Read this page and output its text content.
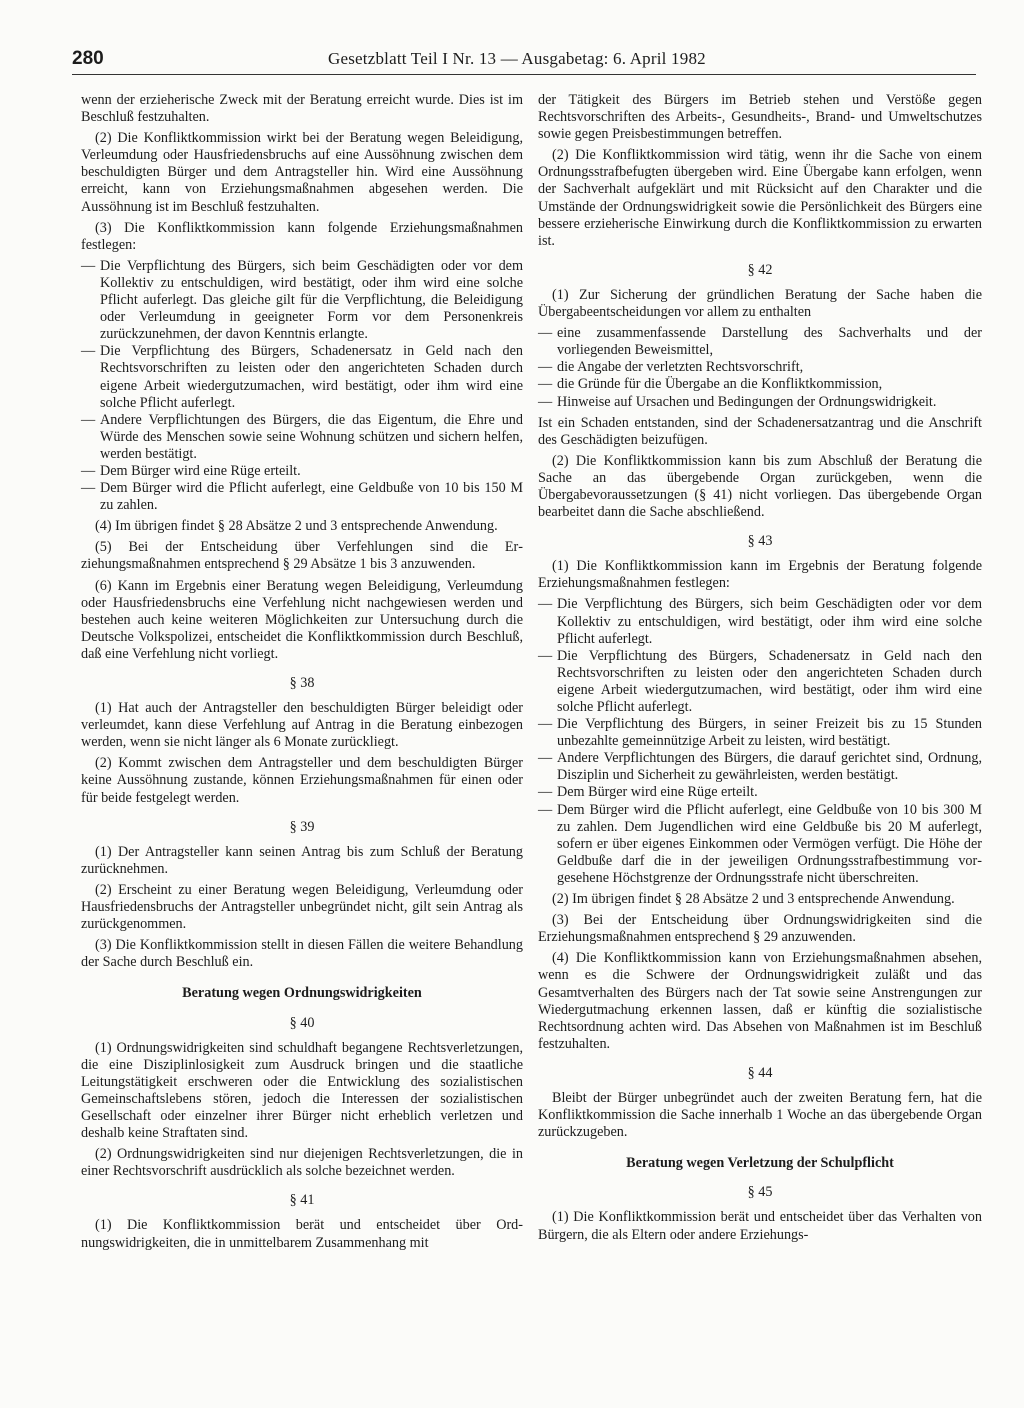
280	Gesetzblatt Teil I Nr. 13 — Ausgabetag: 6. April 1982
wenn der erzieherische Zweck mit der Beratung erreicht wurde. Dies ist im Beschluß festzuhalten.
(2) Die Konfliktkommission wirkt bei der Beratung wegen Beleidigung, Verleumdung oder Hausfriedensbruchs auf eine Aussöhnung zwischen dem beschuldigten Bürger und dem Antragsteller hin. Wird eine Aussöhnung erreicht, kann von Erziehungsmaßnahmen abgesehen werden. Die Aussöhnung ist im Beschluß festzuhalten.
(3) Die Konfliktkommission kann folgende Erziehungsmaßnahmen festlegen:
— Die Verpflichtung des Bürgers, sich beim Geschädigten oder vor dem Kollektiv zu entschuldigen, wird bestätigt, oder ihm wird eine solche Pflicht auferlegt. Das gleiche gilt für die Verpflichtung, die Beleidigung oder Verleumdung in geeigneter Form vor dem Personenkreis zurückzunehmen, der davon Kenntnis erlangte.
— Die Verpflichtung des Bürgers, Schadenersatz in Geld nach den Rechtsvorschriften zu leisten oder den angerichteten Schaden durch eigene Arbeit wiedergutzumachen, wird bestätigt, oder ihm wird eine solche Pflicht auferlegt.
— Andere Verpflichtungen des Bürgers, die das Eigentum, die Ehre und Würde des Menschen sowie seine Wohnung schützen und sichern helfen, werden bestätigt.
— Dem Bürger wird eine Rüge erteilt.
— Dem Bürger wird die Pflicht auferlegt, eine Geldbuße von 10 bis 150 M zu zahlen.
(4) Im übrigen findet § 28 Absätze 2 und 3 entsprechende Anwendung.
(5) Bei der Entscheidung über Verfehlungen sind die Erziehungsmaßnahmen entsprechend § 29 Absätze 1 bis 3 anzuwenden.
(6) Kann im Ergebnis einer Beratung wegen Beleidigung, Verleumdung oder Hausfriedensbruchs eine Verfehlung nicht nachgewiesen werden und bestehen auch keine weiteren Möglichkeiten zur Untersuchung durch die Deutsche Volkspolizei, entscheidet die Konfliktkommission durch Beschluß, daß eine Verfehlung nicht vorliegt.
§ 38
(1) Hat auch der Antragsteller den beschuldigten Bürger beleidigt oder verleumdet, kann diese Verfehlung auf Antrag in die Beratung einbezogen werden, wenn sie nicht länger als 6 Monate zurückliegt.
(2) Kommt zwischen dem Antragsteller und dem beschuldigten Bürger keine Aussöhnung zustande, können Erziehungsmaßnahmen für einen oder für beide festgelegt werden.
§ 39
(1) Der Antragsteller kann seinen Antrag bis zum Schluß der Beratung zurücknehmen.
(2) Erscheint zu einer Beratung wegen Beleidigung, Verleumdung oder Hausfriedensbruchs der Antragsteller unbegründet nicht, gilt sein Antrag als zurückgenommen.
(3) Die Konfliktkommission stellt in diesen Fällen die weitere Behandlung der Sache durch Beschluß ein.
Beratung wegen Ordnungswidrigkeiten
§ 40
(1) Ordnungswidrigkeiten sind schuldhaft begangene Rechtsverletzungen, die eine Disziplinlosigkeit zum Ausdruck bringen und die staatliche Leitungstätigkeit erschweren oder die Entwicklung des sozialistischen Gemeinschaftslebens stören, jedoch die Interessen der sozialistischen Gesellschaft oder einzelner ihrer Bürger nicht erheblich verletzen und deshalb keine Straftaten sind.
(2) Ordnungswidrigkeiten sind nur diejenigen Rechtsverletzungen, die in einer Rechtsvorschrift ausdrücklich als solche bezeichnet werden.
§ 41
(1) Die Konfliktkommission berät und entscheidet über Ordnungswidrigkeiten, die in unmittelbarem Zusammenhang mit
der Tätigkeit des Bürgers im Betrieb stehen und Verstöße gegen Rechtsvorschriften des Arbeits-, Gesundheits-, Brand- und Umweltschutzes sowie gegen Preisbestimmungen betreffen.
(2) Die Konfliktkommission wird tätig, wenn ihr die Sache von einem Ordnungsstrafbefugten übergeben wird. Eine Übergabe kann erfolgen, wenn der Sachverhalt aufgeklärt und mit Rücksicht auf den Charakter und die Umstände der Ordnungswidrigkeit sowie die Persönlichkeit des Bürgers eine bessere erzieherische Einwirkung durch die Konfliktkommission zu erwarten ist.
§ 42
(1) Zur Sicherung der gründlichen Beratung der Sache haben die Übergabeentscheidungen vor allem zu enthalten
— eine zusammenfassende Darstellung des Sachverhalts und der vorliegenden Beweismittel,
— die Angabe der verletzten Rechtsvorschrift,
— die Gründe für die Übergabe an die Konfliktkommission,
— Hinweise auf Ursachen und Bedingungen der Ordnungswidrigkeit.
Ist ein Schaden entstanden, sind der Schadenersatzantrag und die Anschrift des Geschädigten beizufügen.
(2) Die Konfliktkommission kann bis zum Abschluß der Beratung die Sache an das übergebende Organ zurückgeben, wenn die Übergabevoraussetzungen (§ 41) nicht vorliegen. Das übergebende Organ bearbeitet dann die Sache abschließend.
§ 43
(1) Die Konfliktkommission kann im Ergebnis der Beratung folgende Erziehungsmaßnahmen festlegen:
— Die Verpflichtung des Bürgers, sich beim Geschädigten oder vor dem Kollektiv zu entschuldigen, wird bestätigt, oder ihm wird eine solche Pflicht auferlegt.
— Die Verpflichtung des Bürgers, Schadenersatz in Geld nach den Rechtsvorschriften zu leisten oder den angerichteten Schaden durch eigene Arbeit wiedergutzumachen, wird bestätigt, oder ihm wird eine solche Pflicht auferlegt.
— Die Verpflichtung des Bürgers, in seiner Freizeit bis zu 15 Stunden unbezahlte gemeinnützige Arbeit zu leisten, wird bestätigt.
— Andere Verpflichtungen des Bürgers, die darauf gerichtet sind, Ordnung, Disziplin und Sicherheit zu gewährleisten, werden bestätigt.
— Dem Bürger wird eine Rüge erteilt.
— Dem Bürger wird die Pflicht auferlegt, eine Geldbuße von 10 bis 300 M zu zahlen. Dem Jugendlichen wird eine Geldbuße bis 20 M auferlegt, sofern er über eigenes Einkommen oder Vermögen verfügt. Die Höhe der Geldbuße darf die in der jeweiligen Ordnungsstrafbestimmung vorgesehene Höchstgrenze der Ordnungsstrafe nicht überschreiten.
(2) Im übrigen findet § 28 Absätze 2 und 3 entsprechende Anwendung.
(3) Bei der Entscheidung über Ordnungswidrigkeiten sind die Erziehungsmaßnahmen entsprechend § 29 anzuwenden.
(4) Die Konfliktkommission kann von Erziehungsmaßnahmen absehen, wenn es die Schwere der Ordnungswidrigkeit zuläßt und das Gesamtverhalten des Bürgers nach der Tat sowie seine Anstrengungen zur Wiedergutmachung erkennen lassen, daß er künftig die sozialistische Rechtsordnung achten wird. Das Absehen von Maßnahmen ist im Beschluß festzuhalten.
§ 44
Bleibt der Bürger unbegründet auch der zweiten Beratung fern, hat die Konfliktkommission die Sache innerhalb 1 Woche an das übergebende Organ zurückzugeben.
Beratung wegen Verletzung der Schulpflicht
§ 45
(1) Die Konfliktkommission berät und entscheidet über das Verhalten von Bürgern, die als Eltern oder andere Erziehungs-
